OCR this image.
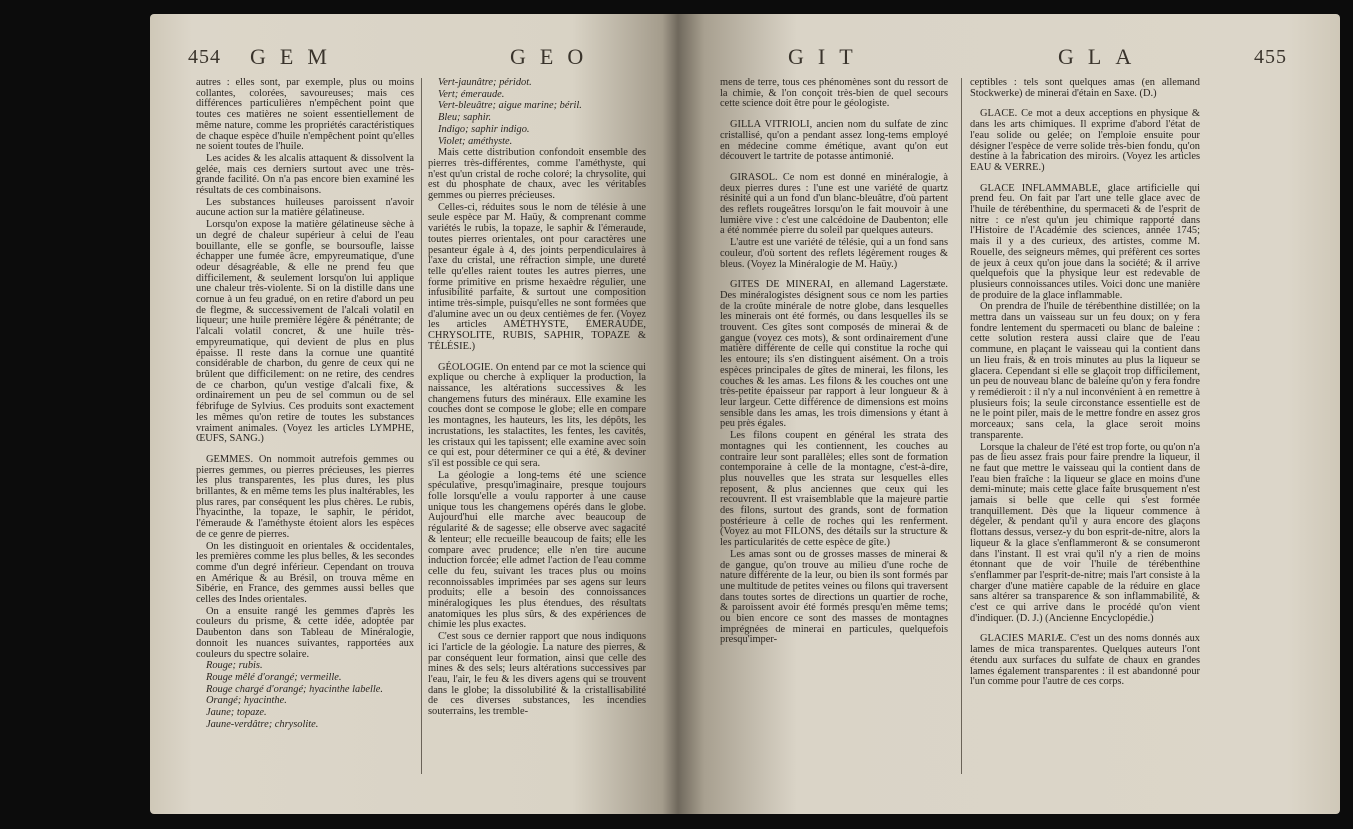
454 GEM	GEO

autres : elles sont, par exemple, plus ou moins collantes, colorées, savoureuses; mais ces différences particulières n'empêchent point que toutes ces matières ne soient essentiellement de même nature, comme les propriétés caractéristiques de chaque espèce d'huile n'empêchent point qu'elles ne soient toutes de l'huile.

Les acides & les alcalis attaquent & dissolvent la gelée, mais ces derniers surtout avec une très-grande facilité. On n'a pas encore bien examiné les résultats de ces combinaisons.

Les substances huileuses paroissent n'avoir aucune action sur la matière gélatineuse.

Lorsqu'on expose la matière gélatineuse sèche à un degré de chaleur supérieur à celui de l'eau bouillante, elle se gonfle, se boursoufle, laisse échapper une fumée âcre, empyreumatique, d'une odeur désagréable, & elle ne prend feu que difficilement, & seulement lorsqu'on lui applique une chaleur très-violente. Si on la distille dans une cornue à un feu gradué, on en retire d'abord un peu de flegme, & successivement de l'alcali volatil en liqueur; une huile première légère & pénétrante; de l'alcali volatil concret, & une huile très-empyreumatique, qui devient de plus en plus épaisse. Il reste dans la cornue une quantité considérable de charbon, du genre de ceux qui ne brûlent que difficilement: on ne retire, des cendres de ce charbon, qu'un vestige d'alcali fixe, & ordinairement un peu de sel commun ou de sel fébrifuge de Sylvius. Ces produits sont exactement les mêmes qu'on retire de toutes les substances vraiment animales. (Voyez les articles LYMPHE, ŒUFS, SANG.)

GEMMES. On nommoit autrefois gemmes ou pierres gemmes, ou pierres précieuses, les pierres les plus transparentes, les plus dures, les plus brillantes, & en même tems les plus inaltérables, les plus rares, par conséquent les plus chères. Le rubis, l'hyacinthe, la topaze, le saphir, le péridot, l'émeraude & l'améthyste étoient alors les espèces de ce genre de pierres.

On les distinguoit en orientales & occidentales, les premières comme les plus belles, & les secondes comme d'un degré inférieur. Cependant on trouva en Amérique & au Brésil, on trouva même en Sibérie, en France, des gemmes aussi belles que celles des Indes orientales.

On a ensuite rangé les gemmes d'après les couleurs du prisme, & cette idée, adoptée par Daubenton dans son Tableau de Minéralogie, donnoit les nuances suivantes, rapportées aux couleurs du spectre solaire.

Rouge; rubis.

Rouge mêlé d'orangé; vermeille.

Rouge chargé d'orangé; hyacinthe labelle.

Orangé; hyacinthe.

Jaune; topaze.

Jaune-verdâtre; chrysolite.

Vert-jaunâtre; péridot.

Vert; émeraude.

Vert-bleuâtre; aigue marine; béril.

Bleu; saphir.

Indigo; saphir indigo.

Violet; améthyste.

Mais cette distribution confondoit ensemble des pierres très-différentes, comme l'améthyste, qui n'est qu'un cristal de roche coloré; la chrysolite, qui est du phosphate de chaux, avec les véritables gemmes ou pierres précieuses.

Celles-ci, réduites sous le nom de télésie à une seule espèce par M. Haüy, & comprenant comme variétés le rubis, la topaze, le saphir & l'émeraude, toutes pierres orientales, ont pour caractères une pesanteur égale à 4, des joints perpendiculaires à l'axe du cristal, une réfraction simple, une dureté telle qu'elles raient toutes les autres pierres, une forme primitive en prisme hexaèdre régulier, une infusibilité parfaite, & surtout une composition intime très-simple, puisqu'elles ne sont formées que d'alumine avec un ou deux centièmes de fer. (Voyez les articles AMÉTHYSTE, ÉMERAUDE, CHRYSOLITE, RUBIS, SAPHIR, TOPAZE & TÉLÉSIE.)

GÉOLOGIE. On entend par ce mot la science qui explique ou cherche à expliquer la production, la naissance, les altérations successives & les changemens futurs des minéraux. Elle examine les couches dont se compose le globe; elle en compare les montagnes, les hauteurs, les lits, les dépôts, les incrustations, les stalactites, les fentes, les cavités, les cristaux qui les tapissent; elle examine avec soin ce qui est, pour déterminer ce qui a été, & deviner s'il est possible ce qui sera.

La géologie a long-tems été une science spéculative, presqu'imaginaire, presque toujours folle lorsqu'elle a voulu rapporter à une cause unique tous les changemens opérés dans le globe. Aujourd'hui elle marche avec beaucoup de régularité & de sagesse; elle observe avec sagacité & lenteur; elle recueille beaucoup de faits; elle les compare avec prudence; elle n'en tire aucune induction forcée; elle admet l'action de l'eau comme celle du feu, suivant les traces plus ou moins reconnoissables imprimées par ses agens sur leurs produits; elle a besoin des connoissances minéralogiques les plus étendues, des résultats anatomiques les plus sûrs, & des expériences de chimie les plus exactes.

C'est sous ce dernier rapport que nous indiquons ici l'article de la géologie. La nature des pierres, & par conséquent leur formation, ainsi que celle des mines & des sels; leurs altérations successives par l'eau, l'air, le feu & les divers agens qui se trouvent dans le globe; la dissolubilité & la cristallisabilité de ces diverses substances, les incendies souterrains, les tremble-

GIT	GLA	455

mens de terre, tous ces phénomènes sont du ressort de la chimie, & l'on conçoit très-bien de quel secours cette science doit être pour le géologiste.

GILLA VITRIOLI, ancien nom du sulfate de zinc cristallisé, qu'on a pendant assez long-tems employé en médecine comme émétique, avant qu'on eut découvert le tartrite de potasse antimonié.

GIRASOL. Ce nom est donné en minéralogie, à deux pierres dures : l'une est une variété de quartz résinité qui a un fond d'un blanc-bleuâtre, d'où partent des reflets rougeâtres lorsqu'on le fait mouvoir à une lumière vive : c'est une calcédoine de Daubenton; elle a été nommée pierre du soleil par quelques auteurs.

L'autre est une variété de télésie, qui a un fond sans couleur, d'où sortent des reflets légèrement rouges & bleus. (Voyez la Minéralogie de M. Haüy.)

GITES DE MINERAI, en allemand Lagerstæte. Des minéralogistes désignent sous ce nom les parties de la croûte minérale de notre globe, dans lesquelles les minerais ont été formés, ou dans lesquelles ils se trouvent. Ces gîtes sont composés de minerai & de gangue (voyez ces mots), & sont ordinairement d'une matière différente de celle qui constitue la roche qui les entoure; ils s'en distinguent aisément. On a trois espèces principales de gîtes de minerai, les filons, les couches & les amas. Les filons & les couches ont une très-petite épaisseur par rapport à leur longueur & à leur largeur. Cette différence de dimensions est moins sensible dans les amas, les trois dimensions y étant à peu près égales.

Les filons coupent en général les strata des montagnes qui les contiennent, les couches au contraire leur sont parallèles; elles sont de formation contemporaine à celle de la montagne, c'est-à-dire, plus nouvelles que les strata sur lesquelles elles reposent, & plus anciennes que ceux qui les recouvrent. Il est vraisemblable que la majeure partie des filons, surtout des grands, sont de formation postérieure à celle de roches qui les renferment. (Voyez au mot FILONS, des détails sur la structure & les particularités de cette espèce de gîte.)

Les amas sont ou de grosses masses de minerai & de gangue, qu'on trouve au milieu d'une roche de nature différente de la leur, ou bien ils sont formés par une multitude de petites veines ou filons qui traversent dans toutes sortes de directions un quartier de roche, & paroissent avoir été formés presqu'en même tems; ou bien encore ce sont des masses de montagnes imprégnées de minerai en particules, quelquefois presqu'imper-

ceptibles : tels sont quelques amas (en allemand Stockwerke) de minerai d'étain en Saxe. (D.)

GLACE. Ce mot a deux acceptions en physique & dans les arts chimiques. Il exprime d'abord l'état de l'eau solide ou gelée; on l'emploie ensuite pour désigner l'espèce de verre solide très-bien fondu, qu'on destine à la fabrication des miroirs. (Voyez les articles EAU & VERRE.)

GLACE INFLAMMABLE, glace artificielle qui prend feu. On fait par l'art une telle glace avec de l'huile de térébenthine, du spermaceti & de l'esprit de nitre : ce n'est qu'un jeu chimique rapporté dans l'Histoire de l'Académie des sciences, année 1745; mais il y a des curieux, des artistes, comme M. Rouelle, des seigneurs mêmes, qui préfèrent ces sortes de jeux à ceux qu'on joue dans la société; & il arrive quelquefois que la physique leur est redevable de plusieurs connoissances utiles. Voici donc une manière de produire de la glace inflammable.

On prendra de l'huile de térébenthine distillée; on la mettra dans un vaisseau sur un feu doux; on y fera fondre lentement du spermaceti ou blanc de baleine : cette solution restera aussi claire que de l'eau commune, en plaçant le vaisseau qui la contient dans un lieu frais, & en trois minutes au plus la liqueur se glacera. Cependant si elle se glaçoit trop difficilement, un peu de nouveau blanc de baleine qu'on y fera fondre y remédieroit : il n'y a nul inconvénient à en remettre à plusieurs fois; la seule circonstance essentielle est de ne le point piler, mais de le mettre fondre en assez gros morceaux; sans cela, la glace seroit moins transparente.

Lorsque la chaleur de l'été est trop forte, ou qu'on n'a pas de lieu assez frais pour faire prendre la liqueur, il ne faut que mettre le vaisseau qui la contient dans de l'eau bien fraîche : la liqueur se glace en moins d'une demi-minute; mais cette glace faite brusquement n'est jamais si belle que celle qui s'est formée tranquillement. Dès que la liqueur commence à dégeler, & pendant qu'il y aura encore des glaçons flottans dessus, versez-y du bon esprit-de-nitre, alors la liqueur & la glace s'enflammeront & se consumeront dans l'instant. Il est vrai qu'il n'y a rien de moins étonnant que de voir l'huile de térébenthine s'enflammer par l'esprit-de-nitre; mais l'art consiste à la charger d'une matière capable de la réduire en glace sans altérer sa transparence & son inflammabilité, & c'est ce qui arrive dans le procédé qu'on vient d'indiquer. (D. J.) (Ancienne Encyclopédie.)

GLACIES MARIÆ. C'est un des noms donnés aux lames de mica transparentes. Quelques auteurs l'ont étendu aux surfaces du sulfate de chaux en grandes lames également transparentes : il est abandonné pour l'un comme pour l'autre de ces corps.
